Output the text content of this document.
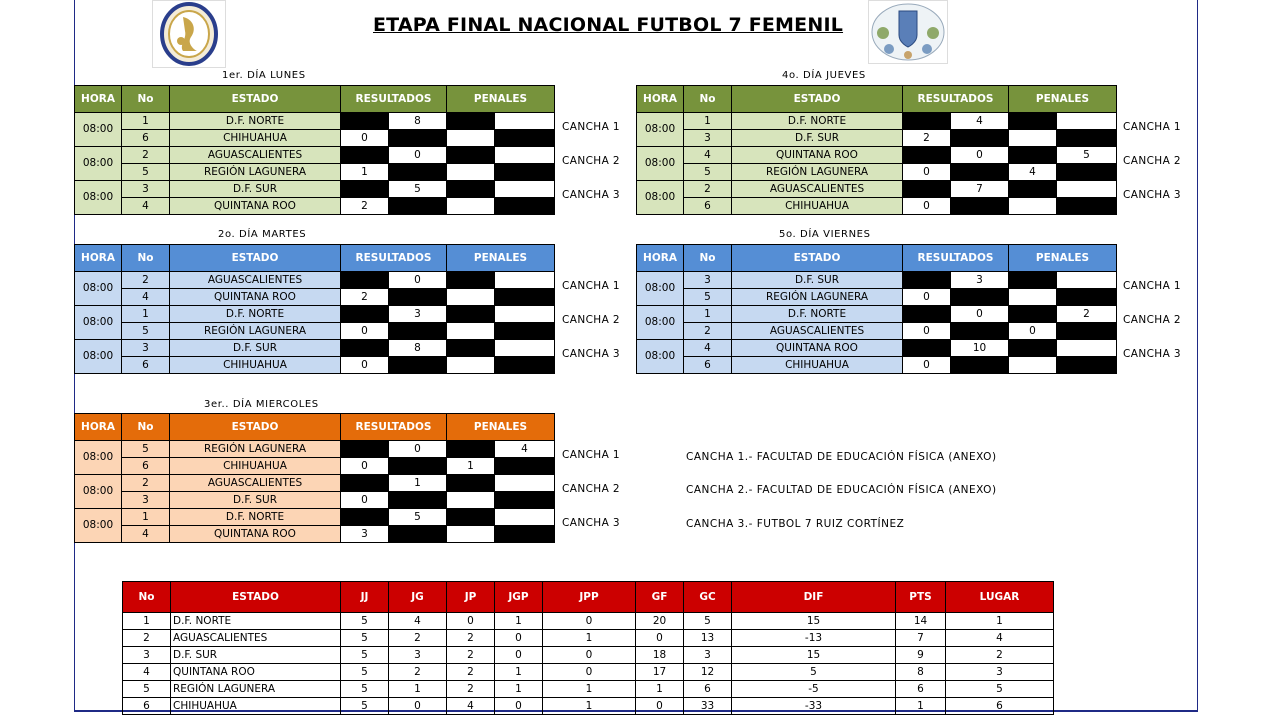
ETAPA FINAL NACIONAL FUTBOL 7 FEMENIL
1er. DÍA LUNES
CANCHA 1
CANCHA 2
CANCHA 3
HORA	No	ESTADO	RESULTADOS		PENALES	
08:00	1	D.F. NORTE		8		
	6	CHIHUAHUA	0			
08:00	2	AGUASCALIENTES		0		
	5	REGIÓN LAGUNERA	1			
08:00	3	D.F. SUR		5		
	4	QUINTANA ROO	2			
2o. DÍA MARTES
CANCHA 1
CANCHA 2
CANCHA 3
HORA	No	ESTADO	RESULTADOS		PENALES	
08:00	2	AGUASCALIENTES		0		
	4	QUINTANA ROO	2			
08:00	1	D.F. NORTE		3		
	5	REGIÓN LAGUNERA	0			
08:00	3	D.F. SUR		8		
	6	CHIHUAHUA	0			
3er.. DÍA MIERCOLES
CANCHA 1
CANCHA 2
CANCHA 3
HORA	No	ESTADO	RESULTADOS		PENALES	
08:00	5	REGIÓN LAGUNERA		0		4
	6	CHIHUAHUA	0		1	
08:00	2	AGUASCALIENTES		1		
	3	D.F. SUR	0			
08:00	1	D.F. NORTE		5		
	4	QUINTANA ROO	3			
4o. DÍA JUEVES
CANCHA 1
CANCHA 2
CANCHA 3
HORA	No	ESTADO	RESULTADOS		PENALES	
08:00	1	D.F. NORTE		4		
	3	D.F. SUR	2			
08:00	4	QUINTANA ROO		0		5
	5	REGIÓN LAGUNERA	0		4	
08:00	2	AGUASCALIENTES		7		
	6	CHIHUAHUA	0			
5o. DÍA VIERNES
CANCHA 1
CANCHA 2
CANCHA 3
HORA	No	ESTADO	RESULTADOS		PENALES	
08:00	3	D.F. SUR		3		
	5	REGIÓN LAGUNERA	0			
08:00	1	D.F. NORTE		0		2
	2	AGUASCALIENTES	0		0	
08:00	4	QUINTANA ROO		10		
	6	CHIHUAHUA	0			
CANCHA 1.- FACULTAD DE EDUCACIÓN FÍSICA (ANEXO)
CANCHA 2.- FACULTAD DE EDUCACIÓN FÍSICA (ANEXO)
CANCHA 3.- FUTBOL 7 RUIZ CORTÍNEZ
No	ESTADO	JJ	JG	JP	JGP	JPP	GF	GC	DIF	PTS	LUGAR
1	D.F. NORTE	5	4	0	1	0	20	5	15	14	1
2	AGUASCALIENTES	5	2	2	0	1	0	13	-13	7	4
3	D.F. SUR	5	3	2	0	0	18	3	15	9	2
4	QUINTANA ROO	5	2	2	1	0	17	12	5	8	3
5	REGIÓN LAGUNERA	5	1	2	1	1	1	6	-5	6	5
6	CHIHUAHUA	5	0	4	0	1	0	33	-33	1	6
